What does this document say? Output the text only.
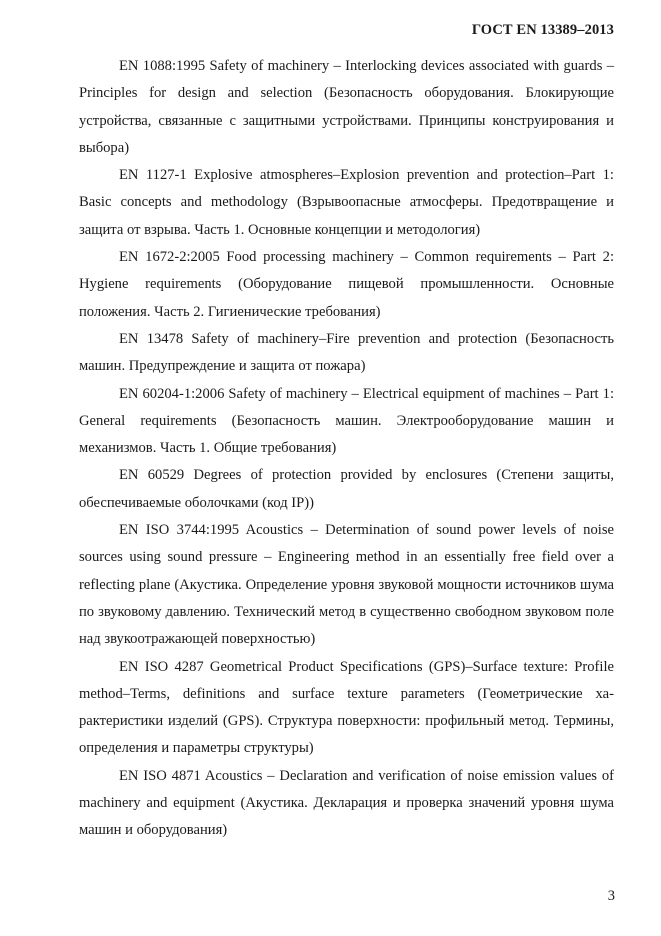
ГОСТ EN 13389–2013

EN 1088:1995 Safety of machinery – Interlocking devices associated with guards – Principles for design and selection (Безопасность оборудования. Блокирующие устройства, связанные с защитными устройствами. Принципы конструирования и выбора)

EN 1127-1 Explosive atmospheres–Explosion prevention and protection–Part 1: Basic concepts and methodology (Взрывоопасные атмосферы. Предотвращение и защита от взрыва. Часть 1. Основные концепции и методология)

EN 1672-2:2005 Food processing machinery – Common requirements – Part 2: Hygiene requirements (Оборудование пищевой промышленности. Основные положения. Часть 2. Гигиенические требования)

EN 13478 Safety of machinery–Fire prevention and protection (Безопасность машин. Предупреждение и защита от пожара)

EN 60204-1:2006 Safety of machinery – Electrical equipment of machines – Part 1: General requirements (Безопасность машин. Электрооборудование машин и механизмов. Часть 1. Общие требования)

EN 60529 Degrees of protection provided by enclosures (Степени защиты, обеспечиваемые оболочками (код IP))

EN ISO 3744:1995 Acoustics – Determination of sound power levels of noise sources using sound pressure – Engineering method in an essentially free field over a reflecting plane (Акустика. Определение уровня звуковой мощности источников шума по звуковому давлению. Технический метод в существенно свободном звуковом поле над звукоотражающей поверхностью)

EN ISO 4287 Geometrical Product Specifications (GPS)–Surface texture: Profile method–Terms, definitions and surface texture parameters (Геометрические характеристики изделий (GPS). Структура поверхности: профильный метод. Термины, определения и параметры структуры)

EN ISO 4871 Acoustics – Declaration and verification of noise emission values of machinery and equipment (Акустика. Декларация и проверка значений уровня шума машин и оборудования)

3
